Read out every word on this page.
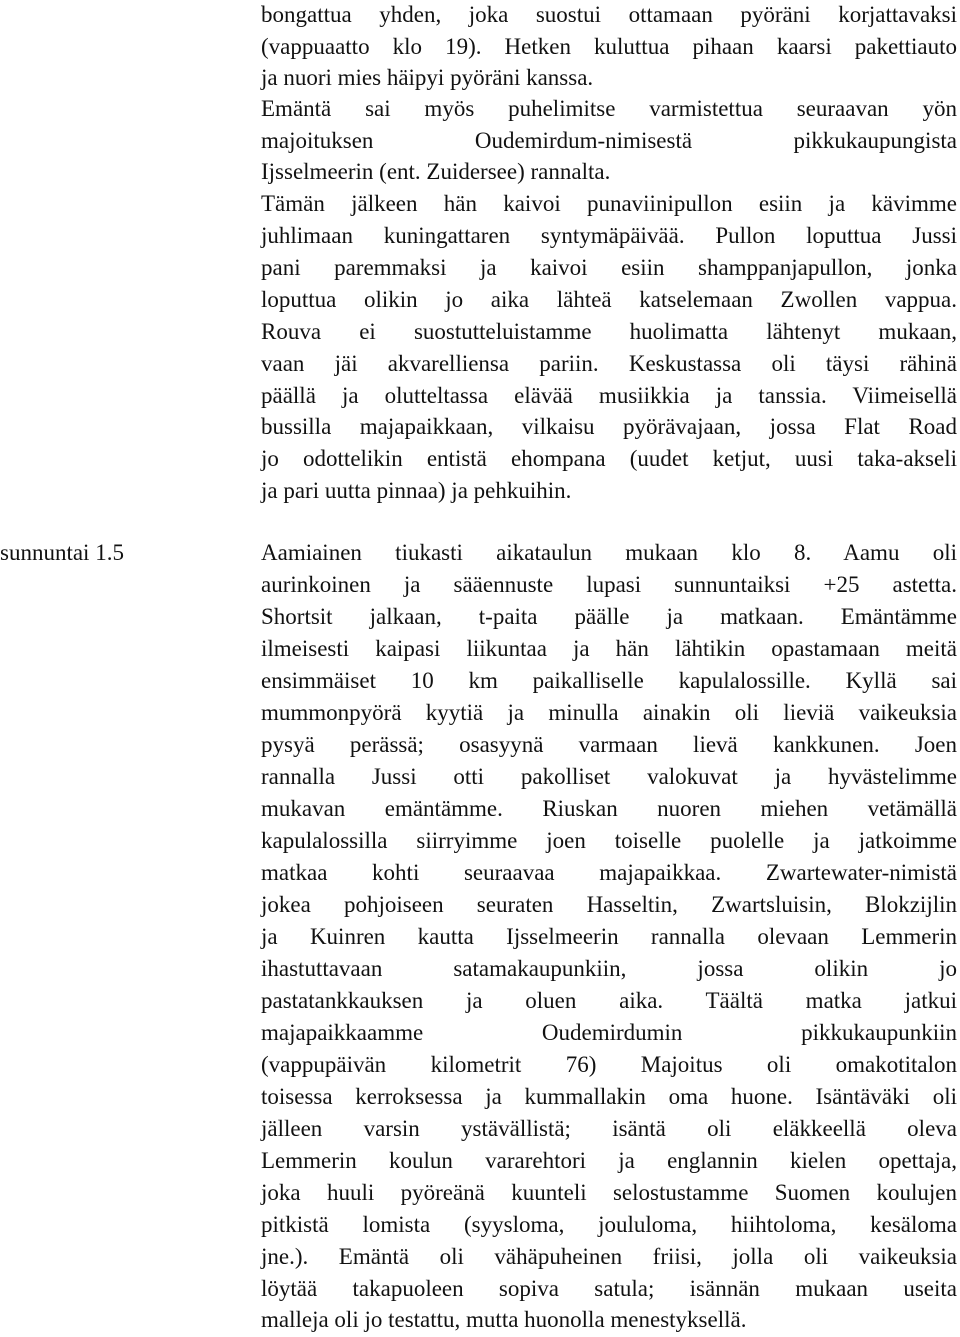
bongattua yhden, joka suostui ottamaan pyöräni korjattavaksi
(vappuaatto klo 19). Hetken kuluttua pihaan kaarsi pakettiauto
ja nuori mies häipyi pyöräni kanssa.
Emäntä sai myös puhelimitse varmistettua seuraavan yön
majoituksen Oudemirdum-nimisestä pikkukaupungista
Ijsselmeerin (ent. Zuidersee) rannalta.
Tämän jälkeen hän kaivoi punaviinipullon esiin ja kävimme
juhlimaan kuningattaren syntymäpäivää. Pullon loputtua Jussi
pani paremmaksi ja kaivoi esiin shamppanjapullon, jonka
loputtua olikin jo aika lähteä katselemaan Zwollen vappua.
Rouva ei suostutteluistamme huolimatta lähtenyt mukaan,
vaan jäi akvarelliensa pariin. Keskustassa oli täysi rähinä
päällä ja olutteltassa elävää musiikkia ja tanssia. Viimeisellä
bussilla majapaikkaan, vilkaisu pyörävajaan, jossa Flat Road
jo odottelikin entistä ehompana (uudet ketjut, uusi taka-akseli
ja pari uutta pinnaa) ja pehkuihin.
sunnuntai 1.5	Aamiainen tiukasti aikataulun mukaan klo 8. Aamu oli
aurinkoinen ja sääennuste lupasi sunnuntaiksi +25 astetta.
Shortsit jalkaan, t-paita päälle ja matkaan. Emäntämme
ilmeisesti kaipasi liikuntaa ja hän lähtikin opastamaan meitä
ensimmäiset 10 km paikalliselle kapulalossille. Kyllä sai
mummonpyörä kyytiä ja minulla ainakin oli lieviä vaikeuksia
pysyä perässä; osasyynä varmaan lievä kankkunen. Joen
rannalla Jussi otti pakolliset valokuvat ja hyvästelimme
mukavan emäntämme. Riuskan nuoren miehen vetämällä
kapulalossilla siirryimme joen toiselle puolelle ja jatkoimme
matkaa kohti seuraavaa majapaikkaa. Zwartewater-nimistä
jokea pohjoiseen seuraten Hasseltin, Zwartsluisin, Blokzijlin
ja Kuinren kautta Ijsselmeerin rannalla olevaan Lemmerin
ihastuttavaan satamakaupunkiin, jossa olikin jo
pastatankkauksen ja oluen aika. Täältä matka jatkui
majapaikkaamme Oudemirdumin pikkukaupunkiin
(vappupäivän kilometrit 76) Majoitus oli omakotitalon
toisessa kerroksessa ja kummallakin oma huone. Isäntäväki oli
jälleen varsin ystävällistä; isäntä oli eläkkeellä oleva
Lemmerin koulun vararehtori ja englannin kielen opettaja,
joka huuli pyöreänä kuunteli selostustamme Suomen koulujen
pitkistä lomista (syysloma, joululoma, hiihtoloma, kesäloma
jne.). Emäntä oli vähäpuheinen friisi, jolla oli vaikeuksia
löytää takapuoleen sopiva satula; isännän mukaan useita
malleja oli jo testattu, mutta huonolla menestyksellä.
